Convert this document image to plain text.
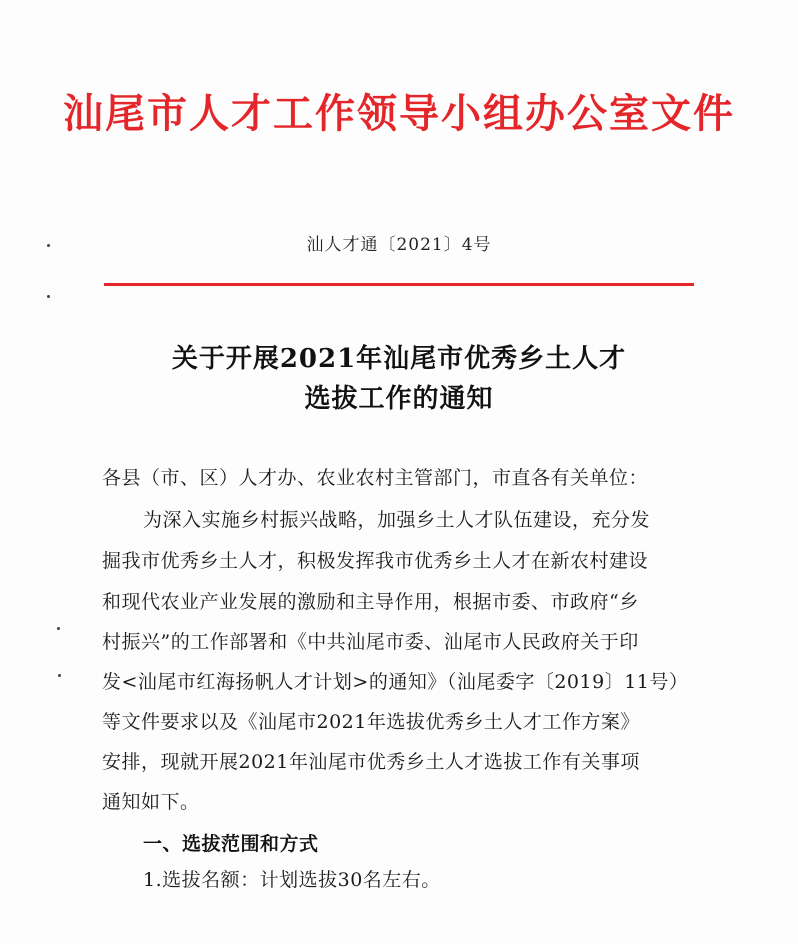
汕尾市人才工作领导小组办公室文件
汕人才通〔2021〕4号
关于开展2021年汕尾市优秀乡土人才
选拔工作的通知
各县（市、区）人才办、农业农村主管部门，市直各有关单位：
为深入实施乡村振兴战略，加强乡土人才队伍建设，充分发
掘我市优秀乡土人才，积极发挥我市优秀乡土人才在新农村建设
和现代农业产业发展的激励和主导作用，根据市委、市政府“乡
村振兴”的工作部署和《中共汕尾市委、汕尾市人民政府关于印
发<汕尾市红海扬帆人才计划>的通知》（汕尾委字〔2019〕11号）
等文件要求以及《汕尾市2021年选拔优秀乡土人才工作方案》
安排，现就开展2021年汕尾市优秀乡土人才选拔工作有关事项
通知如下。
一、选拔范围和方式
1.选拔名额：计划选拔30名左右。
